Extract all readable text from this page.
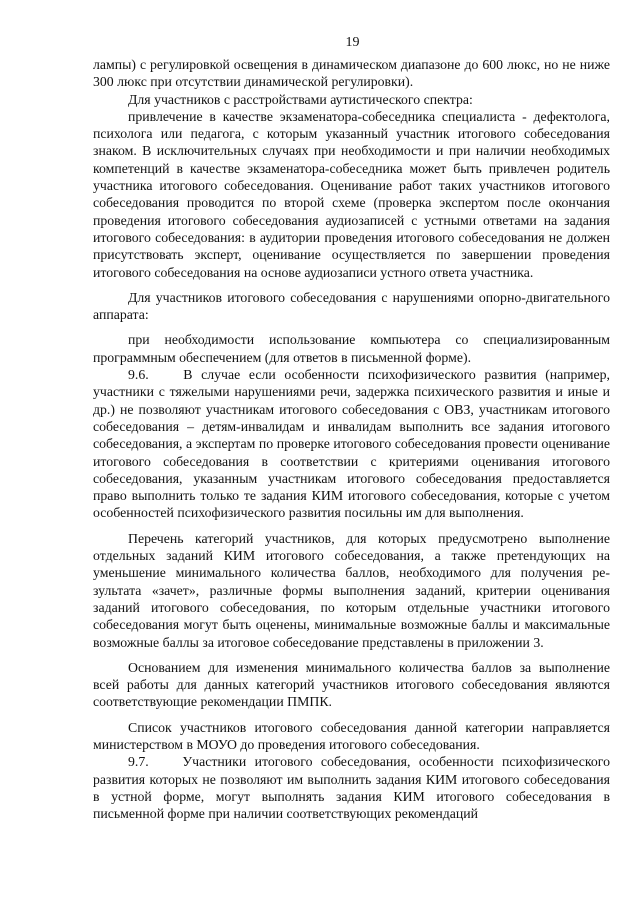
19

лампы) с регулировкой освещения в динамическом диапазоне до 600 люкс, но не ниже 300 люкс при отсутствии динамической регулировки).

Для участников с расстройствами аутистического спектра:

привлечение в качестве экзаменатора-собеседника специалиста - дефектолога, психолога или педагога, с которым указанный участник итогового собеседования знаком. В исключительных случаях при необходимости и при наличии необходимых компетенций в качестве экзаменатора-собеседника может быть привлечен родитель участника итогового собеседования. Оценивание работ таких участников итогового собеседования проводится по второй схеме (проверка экспертом после окончания проведения итогового собеседования аудиозаписей с устными ответами на задания итогового собеседования: в аудитории проведения итогового собеседования не должен присутствовать эксперт, оценивание осуществляется по завершении проведения итогового собеседования на основе аудиозаписи устного ответа участника.

Для участников итогового собеседования с нарушениями опорно-двигательного аппарата:

при необходимости использование компьютера со специализированным программным обеспечением (для ответов в письменной форме).

9.6.    В случае если особенности психофизического развития (например, участники с тяжелыми нарушениями речи, задержка психического развития и иные и др.) не позволяют участникам итогового собеседования с ОВЗ, участникам итогового собеседования – детям-инвалидам и инвалидам выполнить все задания итогового собеседования, а экспертам по проверке итогового собеседования провести оценивание итогового собеседования в соответствии с критериями оценивания итогового собеседования, указанным участникам итогового собеседования предоставляется право выполнить только те задания КИМ итогового собеседования, которые с учетом особенностей психофизического развития посильны им для выполнения.

Перечень категорий участников, для которых предусмотрено выполнение отдельных заданий КИМ итогового собеседования, а также претендующих на уменьшение минимального количества баллов, необходимого для получения результата «зачет», различные формы выполнения заданий, критерии оценивания заданий итогового собеседования, по которым отдельные участники итогового собеседования могут быть оценены, минимальные возможные баллы и максимальные возможные баллы за итоговое собеседование представлены в приложении 3.

Основанием для изменения минимального количества баллов за выполнение всей работы для данных категорий участников итогового собеседования являются соответствующие рекомендации ПМПК.

Список участников итогового собеседования данной категории направляется министерством в МОУО до проведения итогового собеседования.

9.7.    Участники итогового собеседования, особенности психофизического развития которых не позволяют им выполнить задания КИМ итогового собеседования в устной форме, могут выполнять задания КИМ итогового собеседования в письменной форме при наличии соответствующих рекомендаций
